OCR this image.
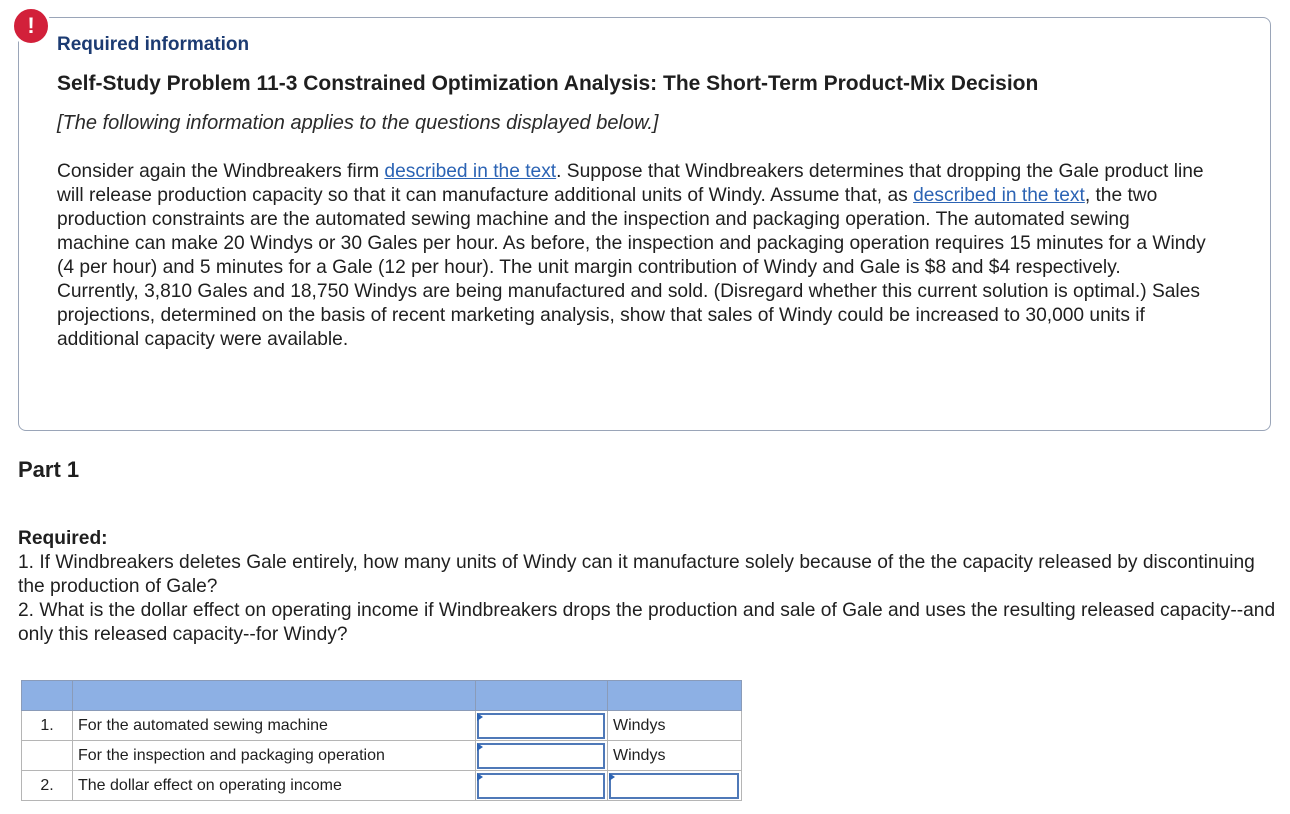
!
Required information
Self-Study Problem 11-3 Constrained Optimization Analysis: The Short-Term Product-Mix Decision
[The following information applies to the questions displayed below.]
Consider again the Windbreakers firm described in the text. Suppose that Windbreakers determines that dropping the Gale product line will release production capacity so that it can manufacture additional units of Windy. Assume that, as described in the text, the two production constraints are the automated sewing machine and the inspection and packaging operation. The automated sewing machine can make 20 Windys or 30 Gales per hour. As before, the inspection and packaging operation requires 15 minutes for a Windy (4 per hour) and 5 minutes for a Gale (12 per hour). The unit margin contribution of Windy and Gale is $8 and $4 respectively. Currently, 3,810 Gales and 18,750 Windys are being manufactured and sold. (Disregard whether this current solution is optimal.) Sales projections, determined on the basis of recent marketing analysis, show that sales of Windy could be increased to 30,000 units if additional capacity were available.
Part 1
Required:
1. If Windbreakers deletes Gale entirely, how many units of Windy can it manufacture solely because of the the capacity released by discontinuing the production of Gale?
2. What is the dollar effect on operating income if Windbreakers drops the production and sale of Gale and uses the resulting released capacity--and only this released capacity--for Windy?

1.	For the automated sewing machine		Windys
	For the inspection and packaging operation		Windys
2.	The dollar effect on operating income	
